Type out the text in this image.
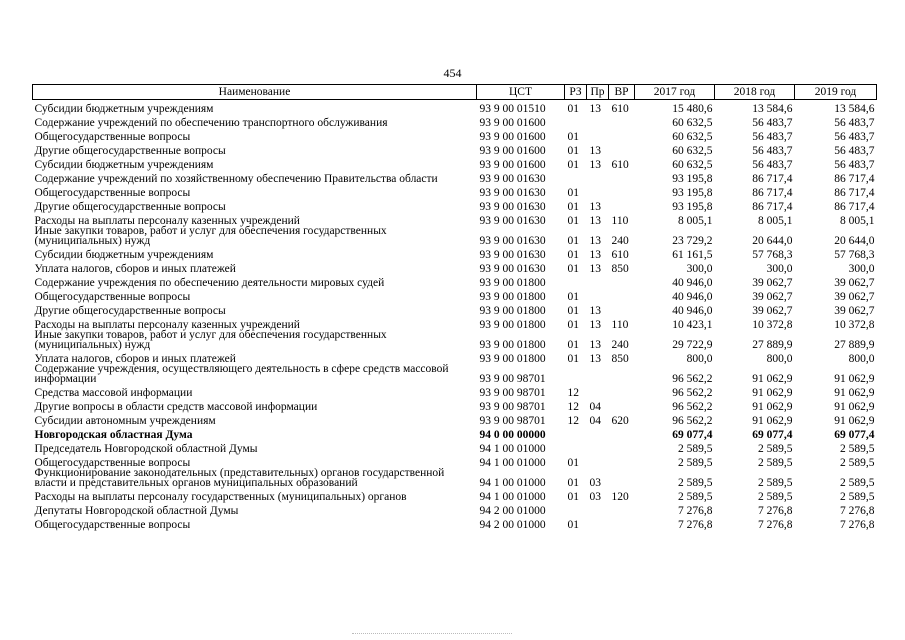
454
Наименование	ЦСТ	РЗ	Пр	ВР	2017 год	2018 год	2019 год
Субсидии бюджетным учреждениям	93 9 00 01510	01	13	610	15 480,6	13 584,6	13 584,6
Содержание учреждений по обеспечению транспортного обслуживания	93 9 00 01600				60 632,5	56 483,7	56 483,7
Общегосударственные вопросы	93 9 00 01600	01			60 632,5	56 483,7	56 483,7
Другие общегосударственные вопросы	93 9 00 01600	01	13		60 632,5	56 483,7	56 483,7
Субсидии бюджетным учреждениям	93 9 00 01600	01	13	610	60 632,5	56 483,7	56 483,7
Содержание учреждений по хозяйственному обеспечению Правительства области	93 9 00 01630				93 195,8	86 717,4	86 717,4
Общегосударственные вопросы	93 9 00 01630	01			93 195,8	86 717,4	86 717,4
Другие общегосударственные вопросы	93 9 00 01630	01	13		93 195,8	86 717,4	86 717,4
Расходы на выплаты персоналу казенных учреждений	93 9 00 01630	01	13	110	8 005,1	8 005,1	8 005,1
Иные закупки товаров, работ и услуг для обеспечения государственных (муниципальных) нужд	93 9 00 01630	01	13	240	23 729,2	20 644,0	20 644,0
Субсидии бюджетным учреждениям	93 9 00 01630	01	13	610	61 161,5	57 768,3	57 768,3
Уплата налогов, сборов и иных платежей	93 9 00 01630	01	13	850	300,0	300,0	300,0
Содержание учреждения по обеспечению деятельности мировых судей	93 9 00 01800				40 946,0	39 062,7	39 062,7
Общегосударственные вопросы	93 9 00 01800	01			40 946,0	39 062,7	39 062,7
Другие общегосударственные вопросы	93 9 00 01800	01	13		40 946,0	39 062,7	39 062,7
Расходы на выплаты персоналу казенных учреждений	93 9 00 01800	01	13	110	10 423,1	10 372,8	10 372,8
Иные закупки товаров, работ и услуг для обеспечения государственных (муниципальных) нужд	93 9 00 01800	01	13	240	29 722,9	27 889,9	27 889,9
Уплата налогов, сборов и иных платежей	93 9 00 01800	01	13	850	800,0	800,0	800,0
Содержание учреждения, осуществляющего деятельность в сфере средств массовой информации	93 9 00 98701				96 562,2	91 062,9	91 062,9
Средства массовой информации	93 9 00 98701	12			96 562,2	91 062,9	91 062,9
Другие вопросы в области средств массовой информации	93 9 00 98701	12	04		96 562,2	91 062,9	91 062,9
Субсидии автономным учреждениям	93 9 00 98701	12	04	620	96 562,2	91 062,9	91 062,9
Новгородская областная Дума	94 0 00 00000				69 077,4	69 077,4	69 077,4
Председатель Новгородской областной Думы	94 1 00 01000				2 589,5	2 589,5	2 589,5
Общегосударственные вопросы	94 1 00 01000	01			2 589,5	2 589,5	2 589,5
Функционирование законодательных (представительных) органов государственной власти и представительных органов муниципальных образований	94 1 00 01000	01	03		2 589,5	2 589,5	2 589,5
Расходы на выплаты персоналу государственных (муниципальных) органов	94 1 00 01000	01	03	120	2 589,5	2 589,5	2 589,5
Депутаты Новгородской областной Думы	94 2 00 01000				7 276,8	7 276,8	7 276,8
Общегосударственные вопросы	94 2 00 01000	01			7 276,8	7 276,8	7 276,8
